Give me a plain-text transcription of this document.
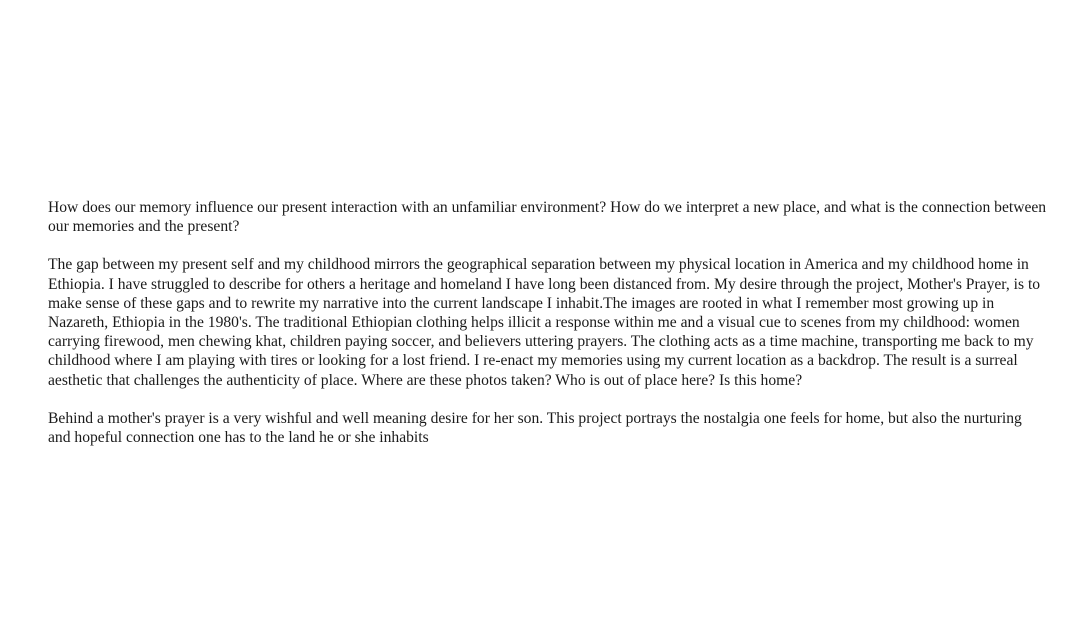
How does our memory influence our present interaction with an unfamiliar environment? How do we interpret a new place, and what is the connection between our memories and the present?

The gap between my present self and my childhood mirrors the geographical separation between my physical location in America and my childhood home in Ethiopia. I have struggled to describe for others a heritage and homeland I have long been distanced from. My desire through the project, Mother's Prayer, is to make sense of these gaps and to rewrite my narrative into the current landscape I inhabit.The images are rooted in what I remember most growing up in Nazareth, Ethiopia in the 1980's. The traditional Ethiopian clothing helps illicit a response within me and a visual cue to scenes from my childhood: women carrying firewood, men chewing khat, children paying soccer, and believers uttering prayers. The clothing acts as a time machine, transporting me back to my childhood where I am playing with tires or looking for a lost friend. I re-enact my memories using my current location as a backdrop. The result is a surreal aesthetic that challenges the authenticity of place. Where are these photos taken? Who is out of place here? Is this home?

Behind a mother's prayer is a very wishful and well meaning desire for her son. This project portrays the nostalgia one feels for home, but also the nurturing and hopeful connection one has to the land he or she inhabits
